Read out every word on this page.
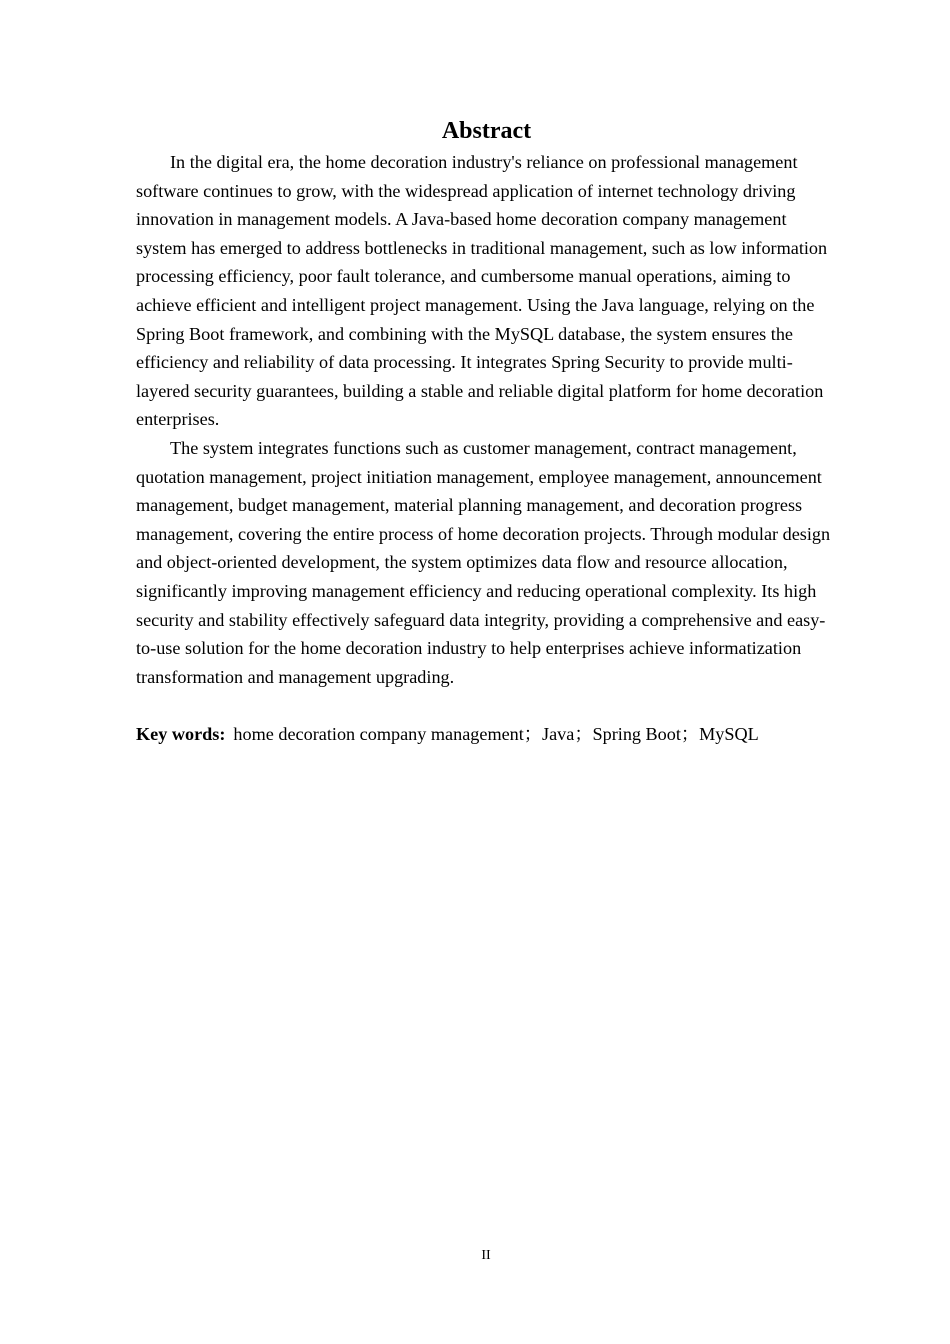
Abstract

In the digital era, the home decoration industry's reliance on professional management software continues to grow, with the widespread application of internet technology driving innovation in management models. A Java-based home decoration company management system has emerged to address bottlenecks in traditional management, such as low information processing efficiency, poor fault tolerance, and cumbersome manual operations, aiming to achieve efficient and intelligent project management. Using the Java language, relying on the Spring Boot framework, and combining with the MySQL database, the system ensures the efficiency and reliability of data processing. It integrates Spring Security to provide multi-layered security guarantees, building a stable and reliable digital platform for home decoration enterprises.

The system integrates functions such as customer management, contract management, quotation management, project initiation management, employee management, announcement management, budget management, material planning management, and decoration progress management, covering the entire process of home decoration projects. Through modular design and object-oriented development, the system optimizes data flow and resource allocation, significantly improving management efficiency and reducing operational complexity. Its high security and stability effectively safeguard data integrity, providing a comprehensive and easy-to-use solution for the home decoration industry to help enterprises achieve informatization transformation and management upgrading.

Key words: home decoration company management；Java；Spring Boot；MySQL

II
